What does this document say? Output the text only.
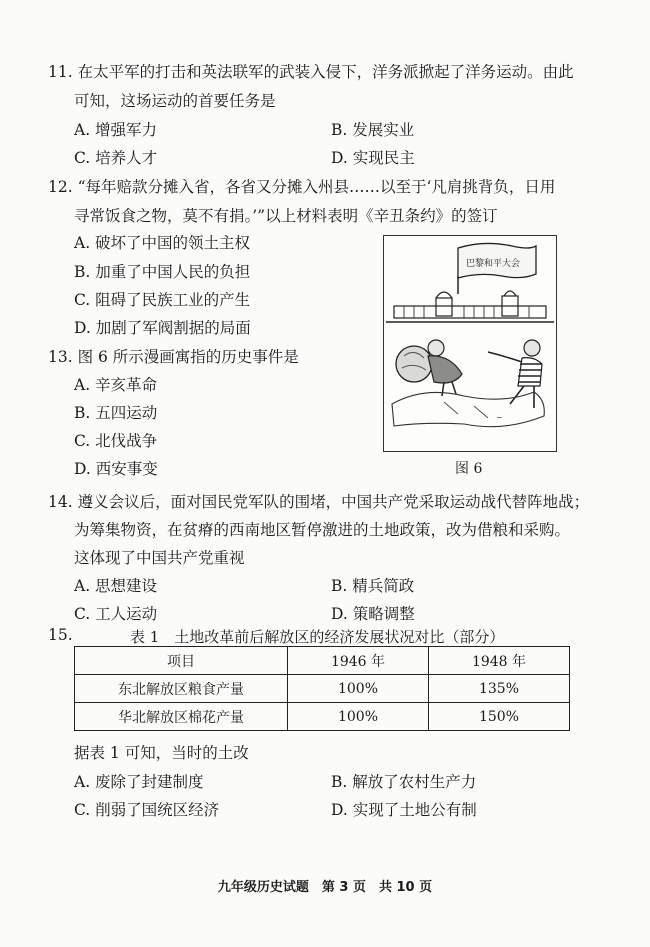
11. 在太平军的打击和英法联军的武装入侵下，洋务派掀起了洋务运动。由此
可知，这场运动的首要任务是
A. 增强军力	B. 发展实业
C. 培养人才	D. 实现民主
12. “每年赔款分摊入省，各省又分摊入州县……以至于‘凡肩挑背负，日用
寻常饭食之物，莫不有捐。’”以上材料表明《辛丑条约》的签订
A. 破坏了中国的领土主权
B. 加重了中国人民的负担
C. 阻碍了民族工业的产生
D. 加剧了军阀割据的局面
13. 图 6 所示漫画寓指的历史事件是
A. 辛亥革命
B. 五四运动
C. 北伐战争
D. 西安事变
巴黎和平大会
~
图 6
14. 遵义会议后，面对国民党军队的围堵，中国共产党采取运动战代替阵地战；
为筹集物资，在贫瘠的西南地区暂停激进的土地政策，改为借粮和采购。
这体现了中国共产党重视
A. 思想建设	B. 精兵简政
C. 工人运动	D. 策略调整
15.	表 1　土地改革前后解放区的经济发展状况对比（部分）
项目	1946 年	1948 年
东北解放区粮食产量	100%	135%
华北解放区棉花产量	100%	150%
据表 1 可知，当时的土改
A. 废除了封建制度	B. 解放了农村生产力
C. 削弱了国统区经济	D. 实现了土地公有制
九年级历史试题　第 3 页　共 10 页
